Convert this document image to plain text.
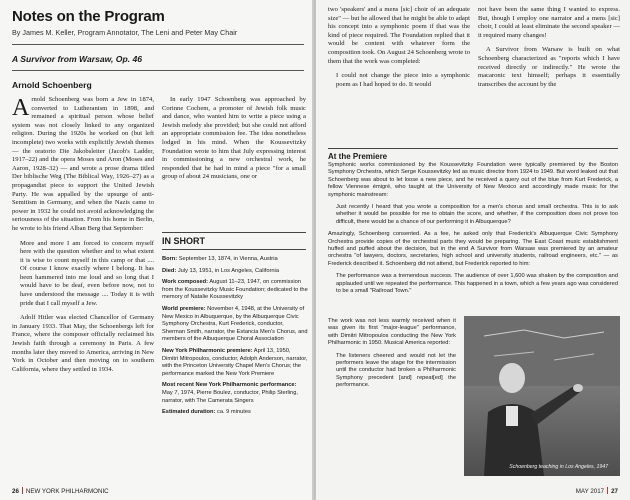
Notes on the Program
By James M. Keller, Program Annotator, The Leni and Peter May Chair
A Survivor from Warsaw, Op. 46
Arnold Schoenberg

Arnold Schoenberg was born a Jew in 1874, converted to Lutheranism in 1898, and remained a spiritual person whose belief system was not closely linked to any organized religion. During the 1920s he worked on (but left incomplete) two works with explicitly Jewish themes — the oratorio Die Jakobsleiter (Jacob's Ladder, 1917–22) and the opera Moses und Aron (Moses and Aaron, 1928–32) — and wrote a prose drama titled Der biblische Weg (The Biblical Way, 1926–27) as a propagandist piece to support the United Jewish Party. He was appalled by the upsurge of anti-Semitism in Germany, and when the Nazis came to power in 1932 he could not avoid acknowledging the seriousness of the situation. From his home in Berlin, he wrote to his friend Alban Berg that September:

More and more I am forced to concern myself here with the question whether and to what extent it is wise to count myself in this camp or that .... Of course I know exactly where I belong. It has been hammered into me loud and so long that I would have to be deaf, even before now, not to have understood the message .... Today it is with pride that I call myself a Jew.

Adolf Hitler was elected Chancellor of Germany in January 1933. That May, the Schoenbergs left for France, where the composer officially reclaimed his Jewish faith through a ceremony in Paris. A few months later they moved to America, arriving in New York in October and then moving on to southern California, where they settled in 1934.

In early 1947 Schoenberg was approached by Corinne Cochem, a promoter of Jewish folk music and dance, who wanted him to write a piece using a Jewish melody she provided; but she could not afford an appropriate commission fee. The idea nonetheless lodged in his mind. When the Koussevitzky Foundation wrote to him that July expressing interest in commissioning a new orchestral work, he responded that he had in mind a piece "for a small group of about 24 musicians, one or

IN SHORT
Born: September 13, 1874, in Vienna, Austria
Died: July 13, 1951, in Los Angeles, California
Work composed: August 11–23, 1947, on commission from the Koussevitzky Music Foundation; dedicated to the memory of Natalie Koussevitzky
World premiere: November 4, 1948, at the University of New Mexico in Albuquerque, by the Albuquerque Civic Symphony Orchestra, Kurt Frederick, conductor, Sherman Smith, narrator, the Estancia Men's Chorus, and members of the Albuquerque Choral Association
New York Philharmonic premiere: April 13, 1950, Dimitri Mitropoulos, conductor, Adolph Anderson, narrator, with the Princeton University Chapel Men's Chorus; the performance marked the New York Premiere
Most recent New York Philharmonic performance: May 7, 1974, Pierre Boulez, conductor, Philip Sterling, narrator, with The Camerata Singers
Estimated duration: ca. 9 minutes
26 NEW YORK PHILHARMONIC

two 'speakers' and a mens [sic] choir of an adequate size" — but he allowed that he might be able to adapt his concept into a symphonic poem if that was the kind of piece required. The Foundation replied that it would be content with whatever form the composition took. On August 24 Schoenberg wrote to them that the work was completed:

I could not change the piece into a symphonic poem as I had hoped to do. It would

not have been the same thing I wanted to express. But, though I employ one narrator and a mens [sic] choir, I could at least eliminate the second speaker — it required many changes!

A Survivor from Warsaw is built on what Schoenberg characterized as "reports which I have received directly or indirectly." He wrote the macaronic text himself; perhaps it essentially transcribes the account by the

At the Premiere

Symphonic works commissioned by the Koussevitzky Foundation were typically premiered by the Boston Symphony Orchestra, which Serge Koussevitzky led as music director from 1924 to 1949. But word leaked out that Schoenberg was about to let loose a new piece, and he received a query out of the blue from Kurt Frederick, a fellow Viennese émigré, who taught at the University of New Mexico and accordingly made music for the symphonic mainstream:

Just recently I heard that you wrote a composition for a men's chorus and small orchestra. This is to ask whether it would be possible for me to obtain the score, and whether, if the composition does not prove too difficult, there would be a chance of our performing it in Albuquerque?

Amazingly, Schoenberg consented. As a fee, he asked only that Frederick's Albuquerque Civic Symphony Orchestra provide copies of the orchestral parts they would be preparing. The East Coast music establishment huffed and puffed about the decision, but in the end A Survivor from Warsaw was premiered by an amateur orchestra "of lawyers, doctors, secretaries, high school and university students, railroad engineers, etc." — as Frederick described it. Schoenberg did not attend, but Frederick reported to him:

The performance was a tremendous success. The audience of over 1,600 was shaken by the composition and applauded until we repeated the performance. This happened in a town, which a few years ago was considered to be a small "Railroad Town."

The work was not less warmly received when it was given its first "major-league" performance, with Dimitri Mitropoulos conducting the New York Philharmonic in 1950. Musical America reported:

The listeners cheered and would not let the performers leave the stage for the intermission until the conductor had broken a Philharmonic Symphony precedent [and] repeat[ed] the performance.

Schoenberg teaching in Los Angeles, 1947
MAY 2017 27
